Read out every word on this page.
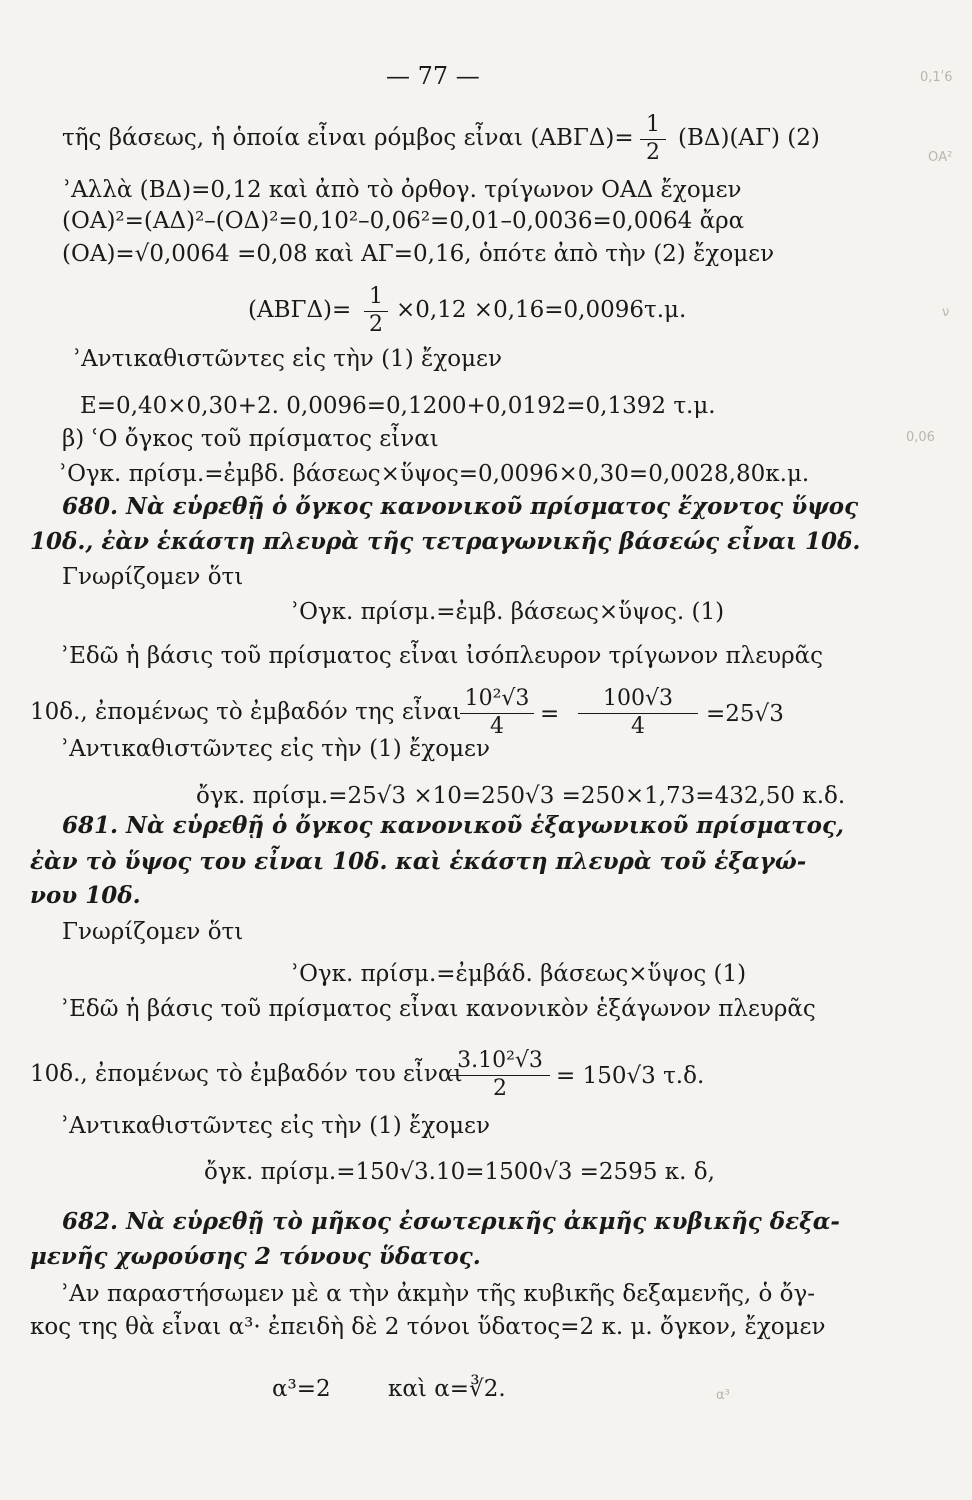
— 77 —
τῆς βάσεως, ἡ ὁποία εἶναι ρόμβος εἶναι (ΑΒΓΔ)= (ΒΔ)(ΑΓ) (2)
ʾΑλλὰ (ΒΔ)=0,12 καὶ ἀπὸ τὸ ὀρθογ. τρίγωνον ΟΑΔ ἔχομεν
(ΟΑ)²=(ΑΔ)²–(ΟΔ)²=0,10²–0,06²=0,01–0,0036=0,0064 ἄρα
(ΟΑ)=√0,0064 =0,08 καὶ ΑΓ=0,16, ὁπότε ἀπὸ τὴν (2) ἔχομεν
(ΑΒΓΔ)= ×0,12 ×0,16=0,0096τ.μ.
ʾΑντικαθιστῶντες εἰς τὴν (1) ἔχομεν
Ε=0,40×0,30+2. 0,0096=0,1200+0,0192=0,1392 τ.μ.
β) ʿΟ ὄγκος τοῦ πρίσματος εἶναι
ʾΟγκ. πρίσμ.=ἐμβδ. βάσεως×ὕψος=0,0096×0,30=0,0028,80κ.μ.
680. Νὰ εὑρεθῇ ὁ ὄγκος κανονικοῦ πρίσματος ἔχοντος ὕψος
10δ., ἐὰν ἑκάστη πλευρὰ τῆς τετραγωνικῆς βάσεώς εἶναι 10δ.
Γνωρίζομεν ὅτι
ʾΟγκ. πρίσμ.=ἐμβ. βάσεως×ὕψος. (1)
ʾΕδῶ ἡ βάσις τοῦ πρίσματος εἶναι ἰσόπλευρον τρίγωνον πλευρᾶς
10δ., ἐπομένως τὸ ἐμβαδόν της εἶναι	=	=25√3
ʾΑντικαθιστῶντες εἰς τὴν (1) ἔχομεν
ὄγκ. πρίσμ.=25√3 ×10=250√3 =250×1,73=432,50 κ.δ.
681. Νὰ εὑρεθῇ ὁ ὄγκος κανονικοῦ ἑξαγωνικοῦ πρίσματος,
ἐὰν τὸ ὕψος του εἶναι 10δ. καὶ ἑκάστη πλευρὰ τοῦ ἑξαγώ-
νου 10δ.
Γνωρίζομεν ὅτι
ʾΟγκ. πρίσμ.=ἐμβάδ. βάσεως×ὕψος (1)
ʾΕδῶ ἡ βάσις τοῦ πρίσματος εἶναι κανονικὸν ἑξάγωνον πλευρᾶς
10δ., ἐπομένως τὸ ἐμβαδόν του εἶναι	= 150√3 τ.δ.
ʾΑντικαθιστῶντες εἰς τὴν (1) ἔχομεν
ὄγκ. πρίσμ.=150√3.10=1500√3 =2595 κ. δ,
682. Νὰ εὑρεθῇ τὸ μῆκος ἐσωτερικῆς ἀκμῆς κυβικῆς δεξα-
μενῆς χωρούσης 2 τόνους ὕδατος.
ʾΑν παραστήσωμεν μὲ α τὴν ἀκμὴν τῆς κυβικῆς δεξαμενῆς, ὁ ὄγ-
κος της θὰ εἶναι α³· ἐπειδὴ δὲ 2 τόνοι ὕδατος=2 κ. μ. ὄγκον, ἔχομεν
α³=2 καὶ α=∛2.
1
2
1
2
10²√3
4
100√3
4
3.10²√3
2
ν
0,06
0,1ʹ6
α³
ΟΑ²
